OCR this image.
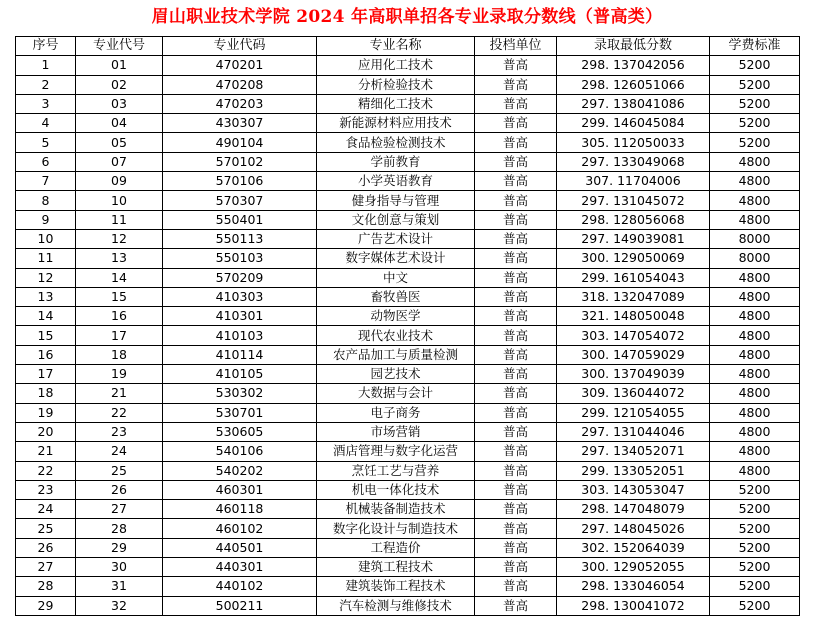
眉山职业技术学院 2024 年高职单招各专业录取分数线（普高类）
序号	专业代号	专业代码	专业名称	投档单位	录取最低分数	学费标准
1	01	470201	应用化工技术	普高	298. 137042056	5200
2	02	470208	分析检验技术	普高	298. 126051066	5200
3	03	470203	精细化工技术	普高	297. 138041086	5200
4	04	430307	新能源材料应用技术	普高	299. 146045084	5200
5	05	490104	食品检验检测技术	普高	305. 112050033	5200
6	07	570102	学前教育	普高	297. 133049068	4800
7	09	570106	小学英语教育	普高	307. 11704006	4800
8	10	570307	健身指导与管理	普高	297. 131045072	4800
9	11	550401	文化创意与策划	普高	298. 128056068	4800
10	12	550113	广告艺术设计	普高	297. 149039081	8000
11	13	550103	数字媒体艺术设计	普高	300. 129050069	8000
12	14	570209	中文	普高	299. 161054043	4800
13	15	410303	畜牧兽医	普高	318. 132047089	4800
14	16	410301	动物医学	普高	321. 148050048	4800
15	17	410103	现代农业技术	普高	303. 147054072	4800
16	18	410114	农产品加工与质量检测	普高	300. 147059029	4800
17	19	410105	园艺技术	普高	300. 137049039	4800
18	21	530302	大数据与会计	普高	309. 136044072	4800
19	22	530701	电子商务	普高	299. 121054055	4800
20	23	530605	市场营销	普高	297. 131044046	4800
21	24	540106	酒店管理与数字化运营	普高	297. 134052071	4800
22	25	540202	烹饪工艺与营养	普高	299. 133052051	4800
23	26	460301	机电一体化技术	普高	303. 143053047	5200
24	27	460118	机械装备制造技术	普高	298. 147048079	5200
25	28	460102	数字化设计与制造技术	普高	297. 148045026	5200
26	29	440501	工程造价	普高	302. 152064039	5200
27	30	440301	建筑工程技术	普高	300. 129052055	5200
28	31	440102	建筑装饰工程技术	普高	298. 133046054	5200
29	32	500211	汽车检测与维修技术	普高	298. 130041072	5200
